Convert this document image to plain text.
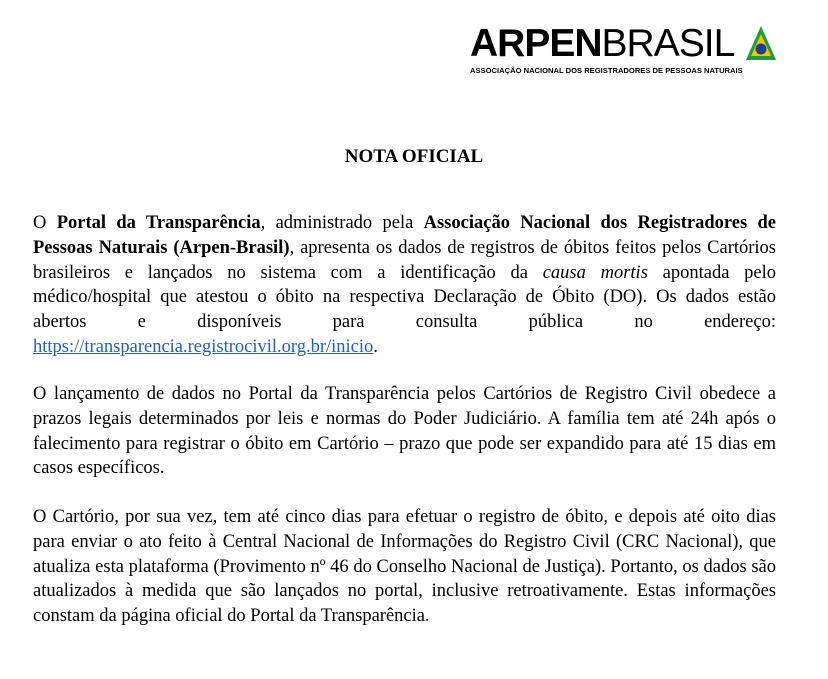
ARPENBRASIL
ASSOCIAÇÃO NACIONAL DOS REGISTRADORES DE PESSOAS NATURAIS
NOTA OFICIAL

O Portal da Transparência, administrado pela Associação Nacional dos Registradores de Pessoas Naturais (Arpen-Brasil), apresenta os dados de registros de óbitos feitos pelos Cartórios brasileiros e lançados no sistema com a identificação da causa mortis apontada pelo médico/hospital que atestou o óbito na respectiva Declaração de Óbito (DO). Os dados estão abertos e disponíveis para consulta pública no endereço: https://transparencia.registrocivil.org.br/inicio.

O lançamento de dados no Portal da Transparência pelos Cartórios de Registro Civil obedece a prazos legais determinados por leis e normas do Poder Judiciário. A família tem até 24h após o falecimento para registrar o óbito em Cartório – prazo que pode ser expandido para até 15 dias em casos específicos.

O Cartório, por sua vez, tem até cinco dias para efetuar o registro de óbito, e depois até oito dias para enviar o ato feito à Central Nacional de Informações do Registro Civil (CRC Nacional), que atualiza esta plataforma (Provimento nº 46 do Conselho Nacional de Justiça). Portanto, os dados são atualizados à medida que são lançados no portal, inclusive retroativamente. Estas informações constam da página oficial do Portal da Transparência.
